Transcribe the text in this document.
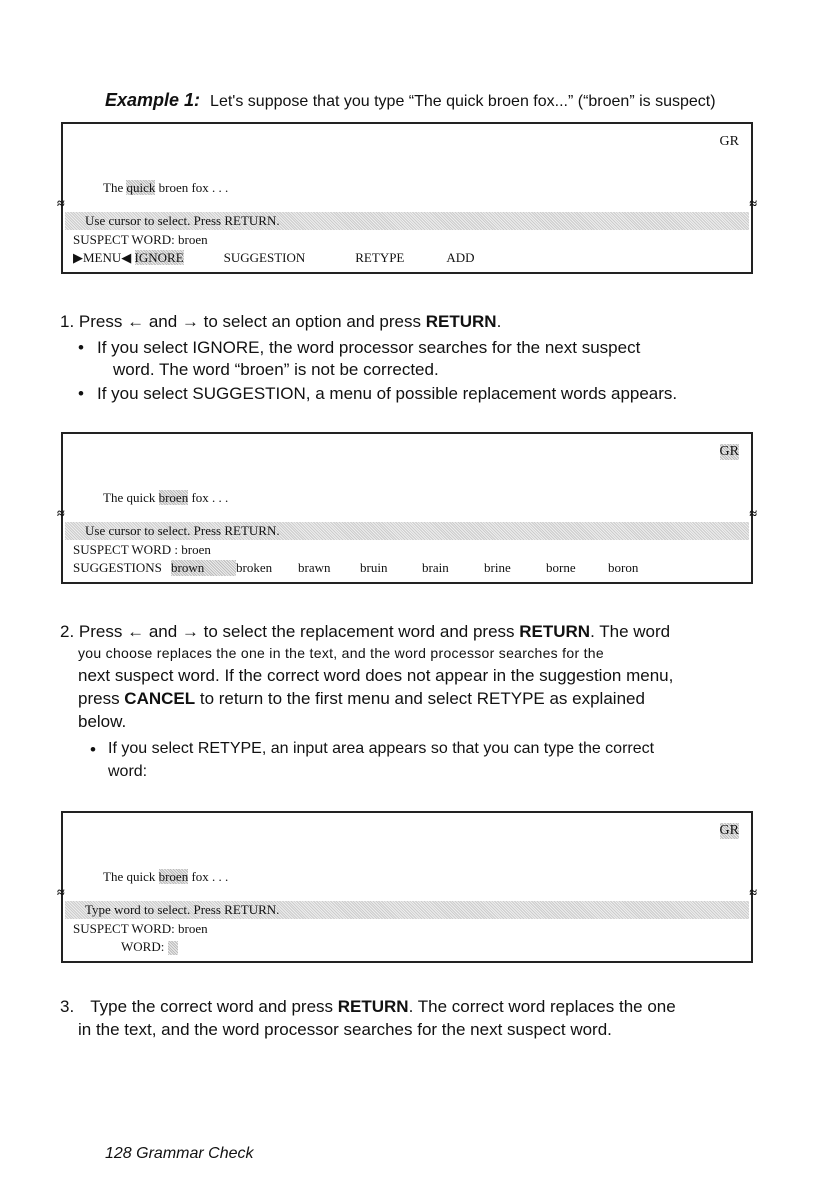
Example 1: Let's suppose that you type “The quick broen fox...” (“broen” is suspect)
GR
The quick broen fox . . .
≈	≈
Use cursor to select. Press RETURN.
SUSPECT WORD: broen
▶MENU◀ IGNORE	SUGGESTION	RETYPE	ADD
1. Press ← and → to select an option and press RETURN.
If you select IGNORE, the word processor searches for the next suspect
•
word. The word “broen” is not be corrected.
• If you select SUGGESTION, a menu of possible replacement words appears.
GR
The quick broen fox . . .
≈	≈
Use cursor to select. Press RETURN.
SUSPECT WORD : broen
SUGGESTIONS brown broken brawn bruin	brain	brine	borne boron
2. Press ← and → to select the replacement word and press RETURN. The word
you choose replaces the one in the text, and the word processor searches for the
next suspect word. If the correct word does not appear in the suggestion menu,
press CANCEL to return to the first menu and select RETYPE as explained
below.
• If you select RETYPE, an input area appears so that you can type the correct
word:
GR
The quick broen fox . . .
≈	≈
Type word to select. Press RETURN.
SUSPECT WORD: broen
WORD:
3. Type the correct word and press RETURN. The correct word replaces the one
in the text, and the word processor searches for the next suspect word.
128 Grammar Check
